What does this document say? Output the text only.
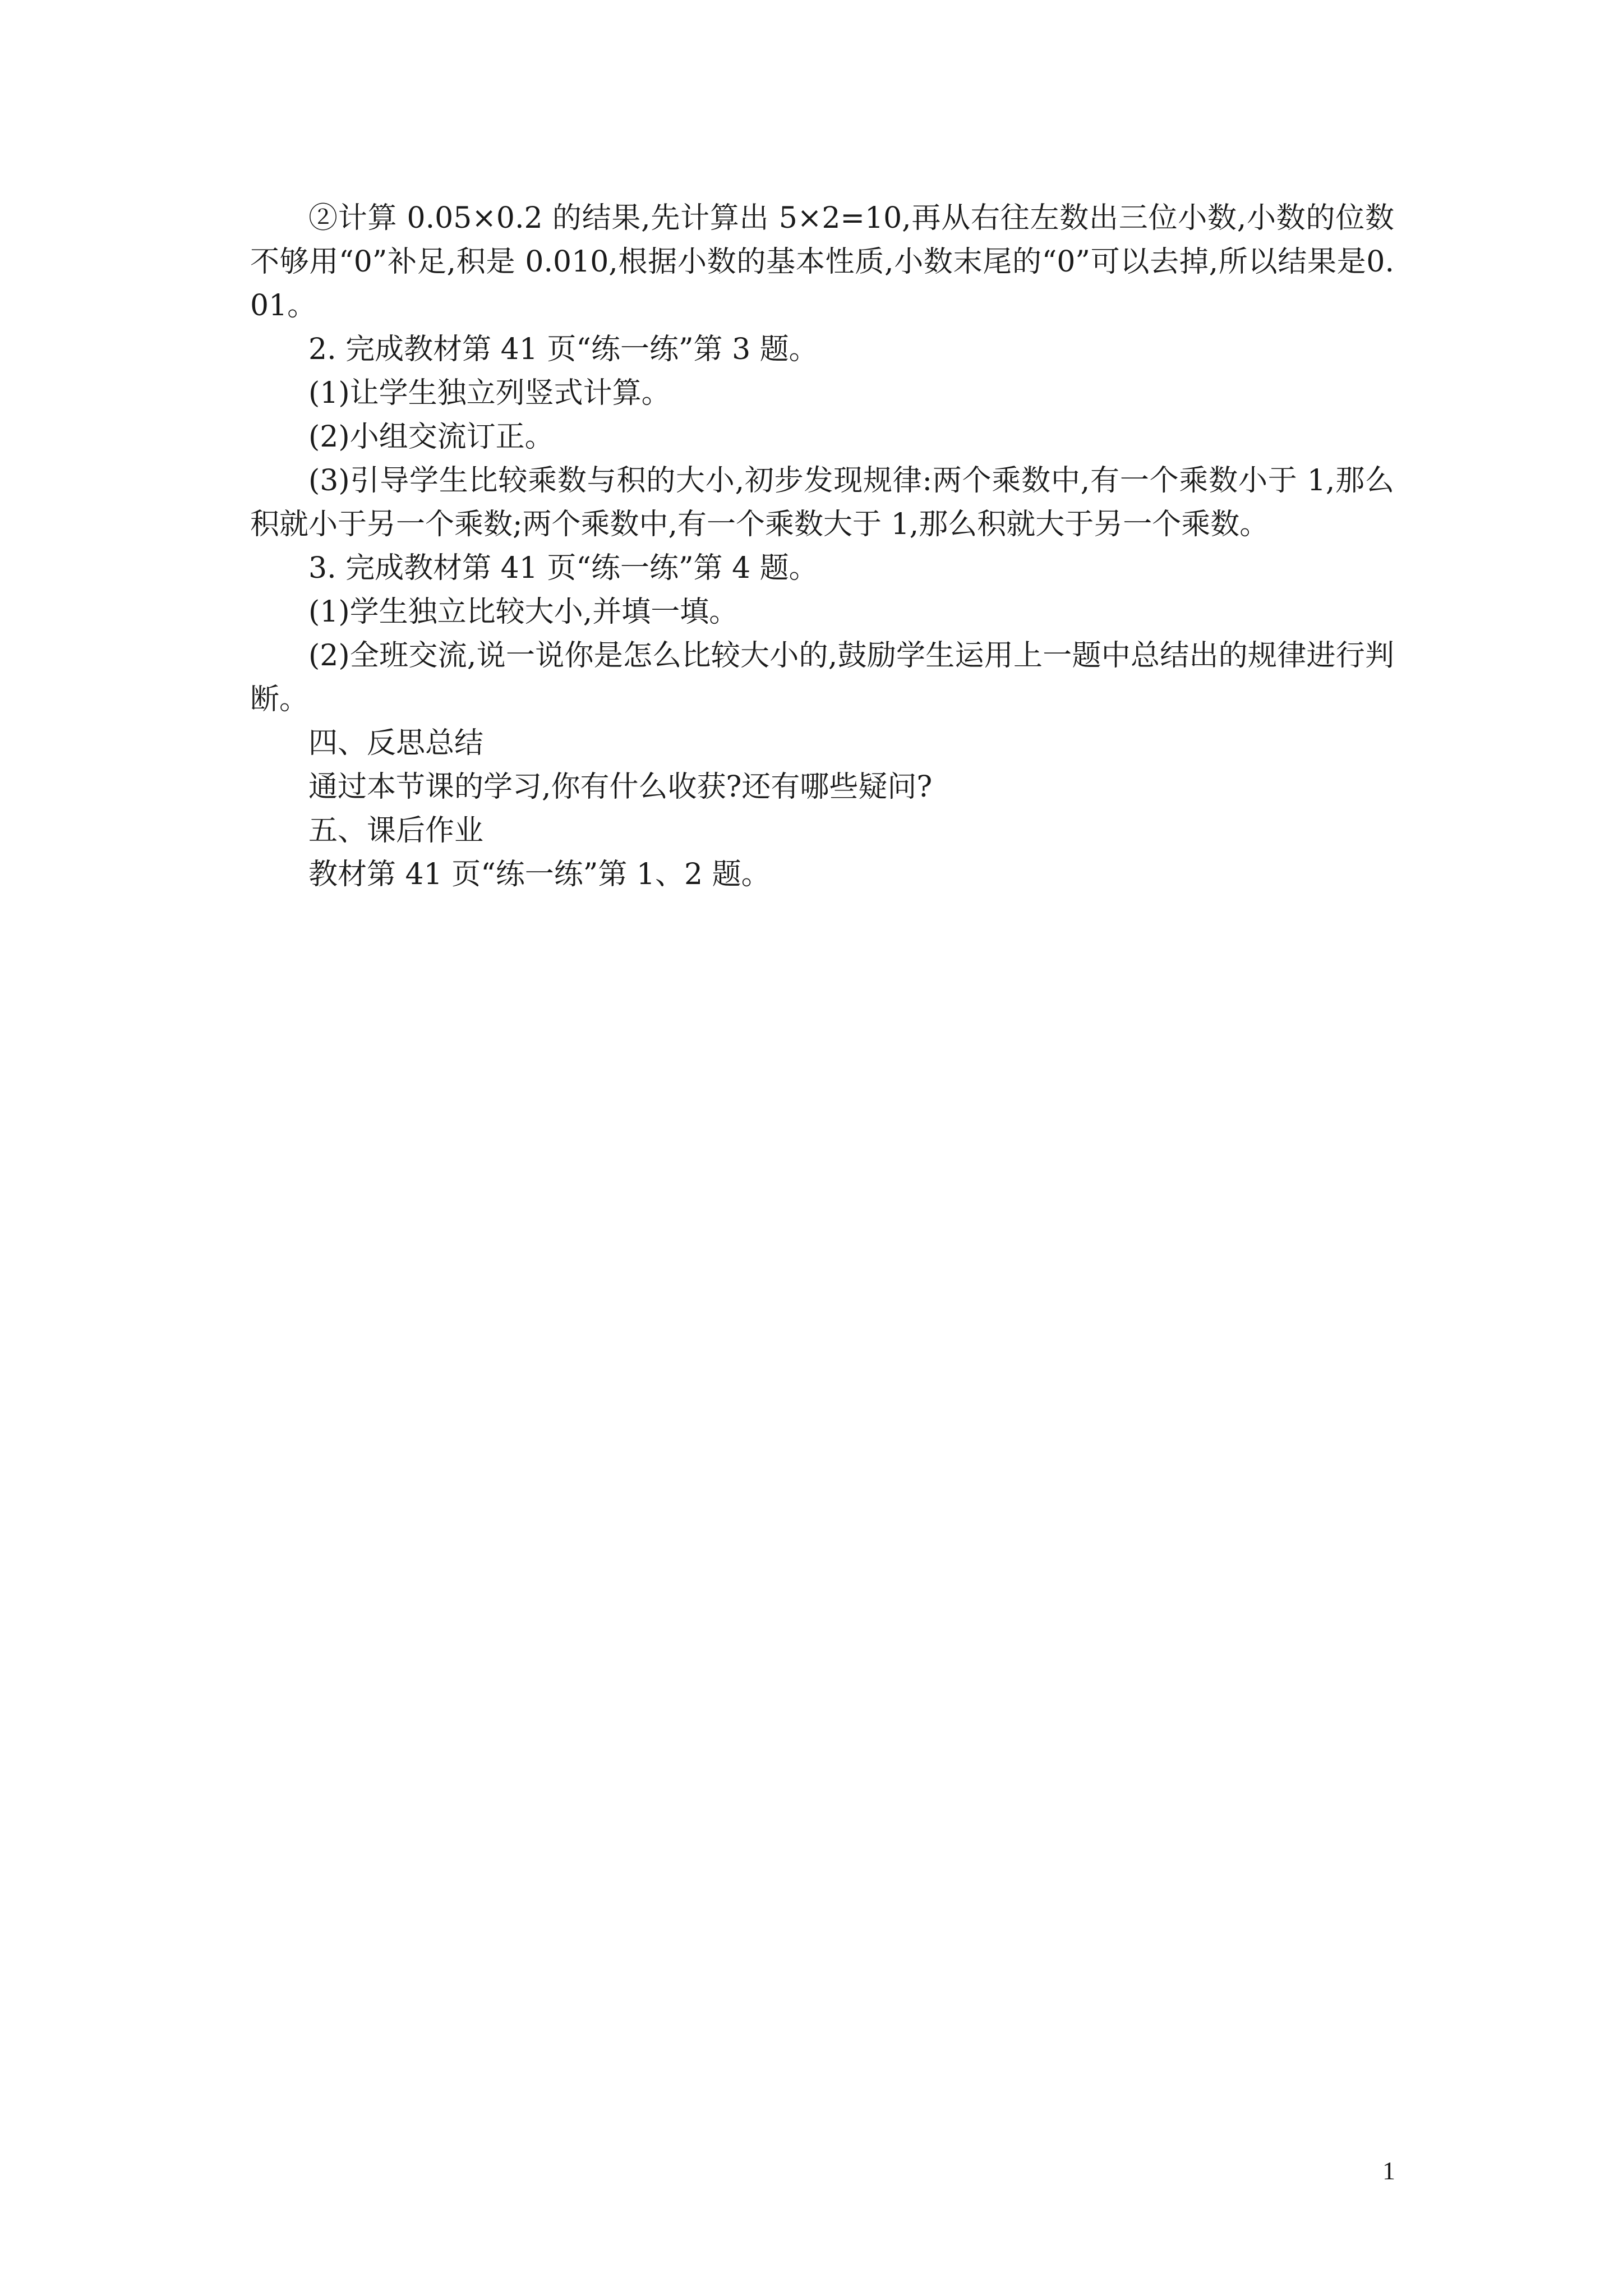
②计算 0.05×0.2 的结果,先计算出 5×2=10,再从右往左数出三位小数,小数的位数不够用“0”补足,积是 0.010,根据小数的基本性质,小数末尾的“0”可以去掉,所以结果是0.01。

2. 完成教材第 41 页“练一练”第 3 题。

(1)让学生独立列竖式计算。

(2)小组交流订正。

(3)引导学生比较乘数与积的大小,初步发现规律:两个乘数中,有一个乘数小于 1,那么积就小于另一个乘数;两个乘数中,有一个乘数大于 1,那么积就大于另一个乘数。

3. 完成教材第 41 页“练一练”第 4 题。

(1)学生独立比较大小,并填一填。

(2)全班交流,说一说你是怎么比较大小的,鼓励学生运用上一题中总结出的规律进行判断。

四、反思总结

通过本节课的学习,你有什么收获?还有哪些疑问?

五、课后作业

教材第 41 页“练一练”第 1、2 题。

1
